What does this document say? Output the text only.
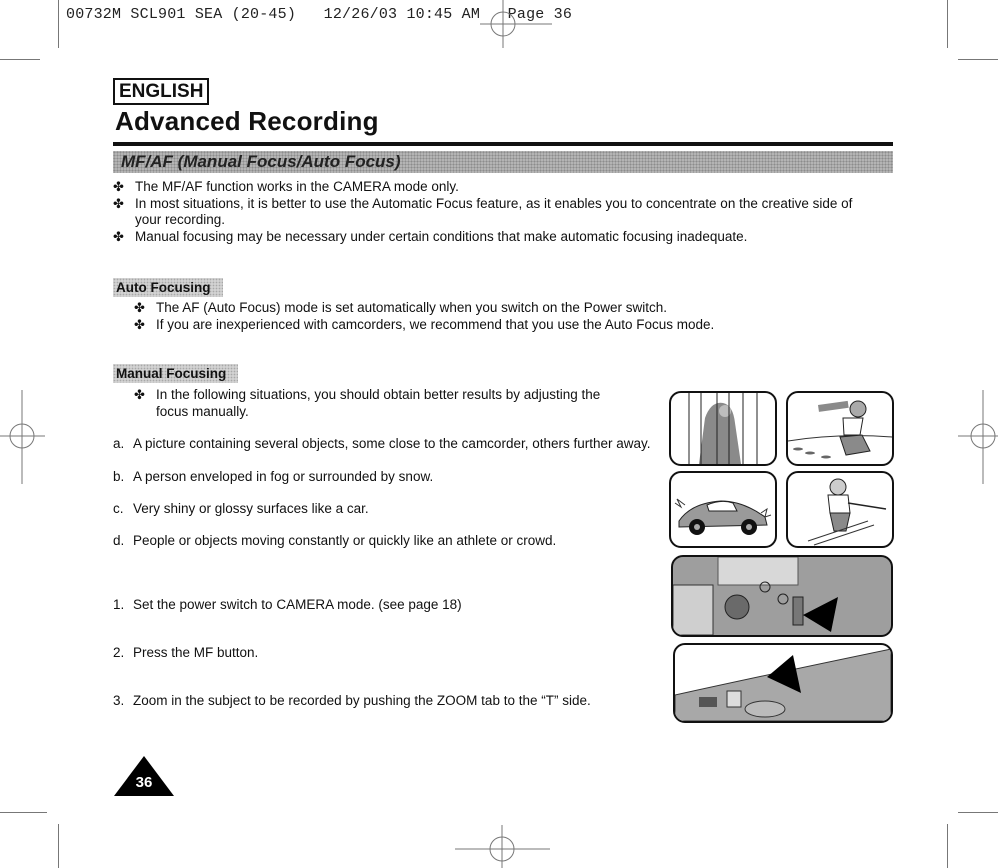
00732M SCL901 SEA (20-45)   12/26/03 10:45 AM   Page 36
ENGLISH
Advanced Recording
MF/AF (Manual Focus/Auto Focus)

✤ The MF/AF function works in the CAMERA mode only.

✤ In most situations, it is better to use the Automatic Focus feature, as it enables you to concentrate on the creative side of your recording.

✤ Manual focusing may be necessary under certain conditions that make automatic focusing inadequate.

Auto Focusing

✤ The AF (Auto Focus) mode is set automatically when you switch on the Power switch.

✤ If you are inexperienced with camcorders, we recommend that you use the Auto Focus mode.

Manual Focusing

✤ In the following situations, you should obtain better results by adjusting the focus manually.

a. A picture containing several objects, some close to the camcorder, others further away.
b. A person enveloped in fog or surrounded by snow.
c. Very shiny or glossy surfaces like a car.
d. People or objects moving constantly or quickly like an athlete or crowd.
1. Set the power switch to CAMERA mode. (see page 18)
2. Press the MF button.
3. Zoom in the subject to be recorded by pushing the ZOOM tab to the “T” side.
36
